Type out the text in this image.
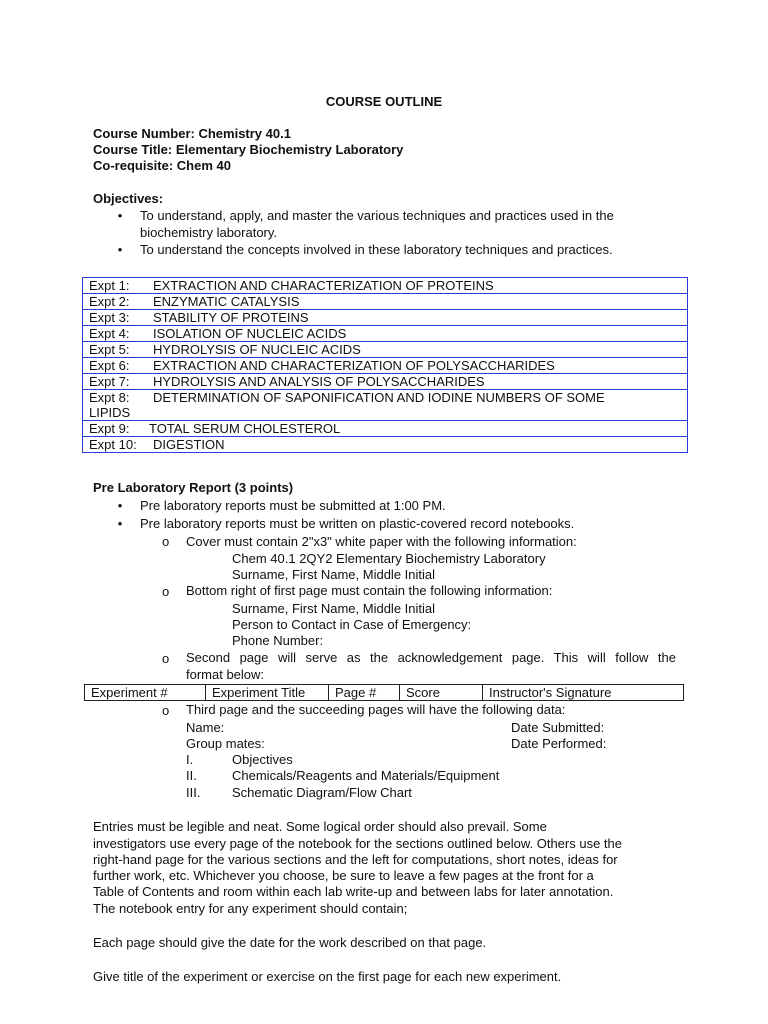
COURSE OUTLINE
Course Number: Chemistry 40.1
Course Title: Elementary Biochemistry Laboratory
Co-requisite: Chem 40
Objectives:
• To understand, apply, and master the various techniques and practices used in the
biochemistry laboratory.
• To understand the concepts involved in these laboratory techniques and practices.
Expt 1: EXTRACTION AND CHARACTERIZATION OF PROTEINS
Expt 2: ENZYMATIC CATALYSIS
Expt 3: STABILITY OF PROTEINS
Expt 4: ISOLATION OF NUCLEIC ACIDS
Expt 5: HYDROLYSIS OF NUCLEIC ACIDS
Expt 6: EXTRACTION AND CHARACTERIZATION OF POLYSACCHARIDES
Expt 7: HYDROLYSIS AND ANALYSIS OF POLYSACCHARIDES
Expt 8: DETERMINATION OF SAPONIFICATION AND IODINE NUMBERS OF SOME
LIPIDS
Expt 9: TOTAL SERUM CHOLESTEROL
Expt 10: DIGESTION
Pre Laboratory Report (3 points)
• Pre laboratory reports must be submitted at 1:00 PM.
• Pre laboratory reports must be written on plastic-covered record notebooks.
o Cover must contain 2"x3" white paper with the following information:
Chem 40.1 2QY2 Elementary Biochemistry Laboratory
Surname, First Name, Middle Initial
o Bottom right of first page must contain the following information:
Surname, First Name, Middle Initial
Person to Contact in Case of Emergency:
Phone Number:
o Second page will serve as the acknowledgement page. This will follow the
format below:
Experiment #	Experiment Title	Page #	Score	Instructor's Signature
o Third page and the succeeding pages will have the following data:
Name:	Date Submitted:
Group mates:	Date Performed:
I.	Objectives
II.	Chemicals/Reagents and Materials/Equipment
III. Schematic Diagram/Flow Chart
Entries must be legible and neat. Some logical order should also prevail. Some
investigators use every page of the notebook for the sections outlined below. Others use the
right-hand page for the various sections and the left for computations, short notes, ideas for
further work, etc. Whichever you choose, be sure to leave a few pages at the front for a
Table of Contents and room within each lab write-up and between labs for later annotation.
The notebook entry for any experiment should contain;
Each page should give the date for the work described on that page.
Give title of the experiment or exercise on the first page for each new experiment.
